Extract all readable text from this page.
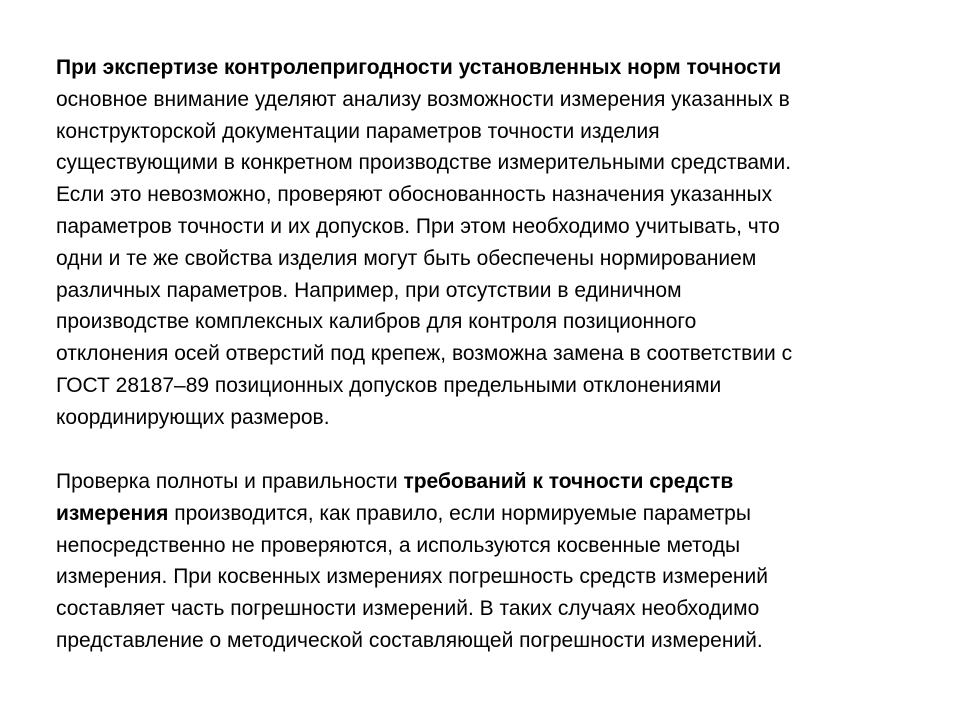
При экспертизе контролепригодности установленных норм точности
основное внимание уделяют анализу возможности измерения указанных в
конструкторской документации параметров точности изделия
существующими в конкретном производстве измерительными средствами.
Если это невозможно, проверяют обоснованность назначения указанных
параметров точности и их допусков. При этом необходимо учитывать, что
одни и те же свойства изделия могут быть обеспечены нормированием
различных параметров. Например, при отсутствии в единичном
производстве комплексных калибров для контроля позиционного
отклонения осей отверстий под крепеж, возможна замена в соответствии с
ГОСТ 28187–89 позиционных допусков предельными отклонениями
координирующих размеров.
Проверка полноты и правильности требований к точности средств
измерения производится, как правило, если нормируемые параметры
непосредственно не проверяются, а используются косвенные методы
измерения. При косвенных измерениях погрешность средств измерений
составляет часть погрешности измерений. В таких случаях необходимо
представление о методической составляющей погрешности измерений.
